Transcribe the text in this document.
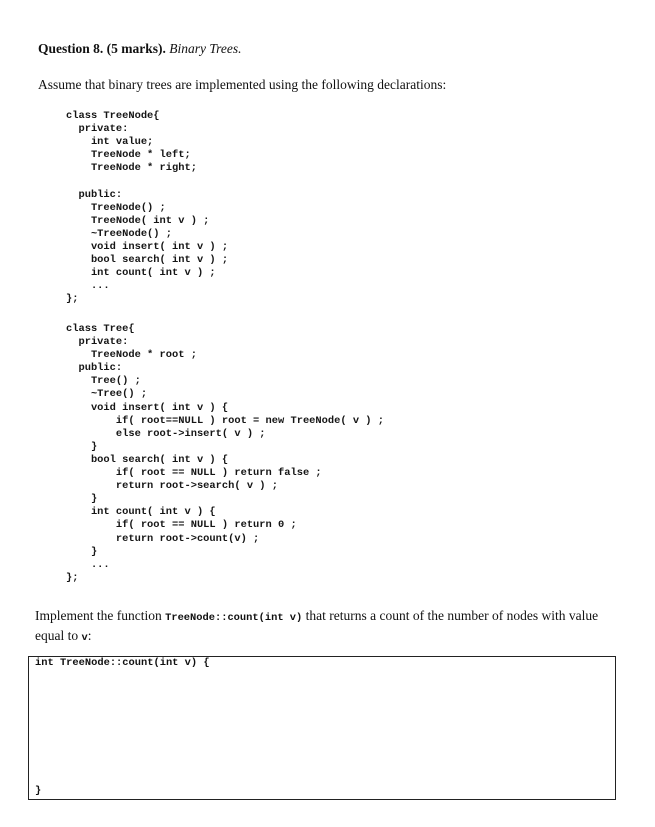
Question 8. (5 marks). Binary Trees.
Assume that binary trees are implemented using the following declarations:
class TreeNode{
private:
int value;
TreeNode * left;
TreeNode * right;

public:
TreeNode() ;
TreeNode( int v ) ;
~TreeNode() ;
void insert( int v ) ;
bool search( int v ) ;
int count( int v ) ;
...
};
class Tree{
private:
TreeNode * root ;
public:
Tree() ;
~Tree() ;
void insert( int v ) {
if( root==NULL ) root = new TreeNode( v ) ;
else root->insert( v ) ;
}
bool search( int v ) {
if( root == NULL ) return false ;
return root->search( v ) ;
}
int count( int v ) {
if( root == NULL ) return 0 ;
return root->count(v) ;
}
...
};
Implement the function TreeNode::count(int v) that returns a count of the number of nodes with value equal to v:
int TreeNode::count(int v) {
}
